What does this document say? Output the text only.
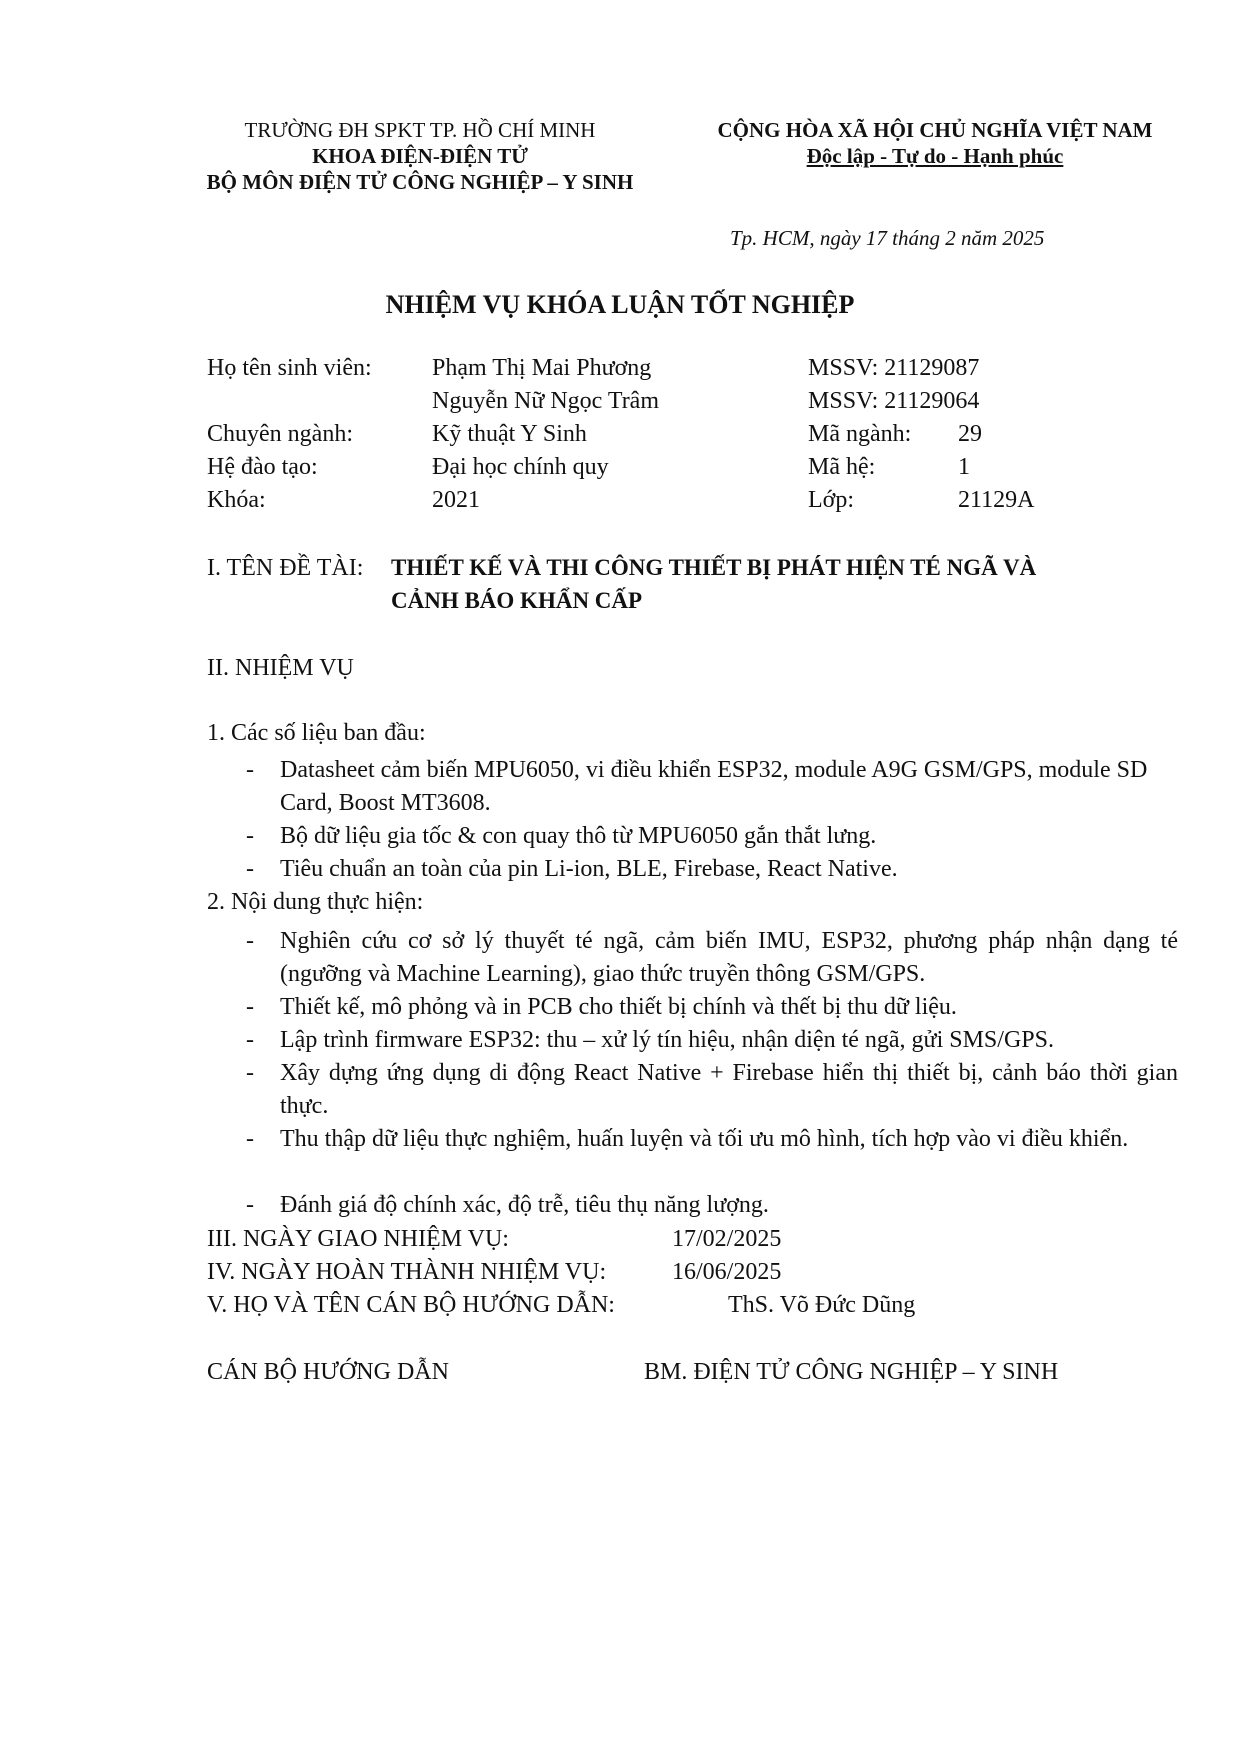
TRƯỜNG ĐH SPKT TP. HỒ CHÍ MINH
KHOA ĐIỆN-ĐIỆN TỬ
BỘ MÔN ĐIỆN TỬ CÔNG NGHIỆP – Y SINH
CỘNG HÒA XÃ HỘI CHỦ NGHĨA VIỆT NAM
Độc lập - Tự do - Hạnh phúc
Tp. HCM, ngày 17 tháng 2 năm 2025
NHIỆM VỤ KHÓA LUẬN TỐT NGHIỆP
Họ tên sinh viên:	Phạm Thị Mai Phương	MSSV: 21129087
Nguyễn Nữ Ngọc Trâm	MSSV: 21129064
Chuyên ngành:	Kỹ thuật Y Sinh	Mã ngành: 29
Hệ đào tạo:	Đại học chính quy	Mã hệ:	1
Khóa:	2021	Lớp:	21129A
I. TÊN ĐỀ TÀI: THIẾT KẾ VÀ THI CÔNG THIẾT BỊ PHÁT HIỆN TÉ NGÃ VÀ
CẢNH BÁO KHẨN CẤP
II. NHIỆM VỤ
1. Các số liệu ban đầu:
- Datasheet cảm biến MPU6050, vi điều khiển ESP32, module A9G GSM/GPS, module SD Card, Boost MT3608.
- Bộ dữ liệu gia tốc & con quay thô từ MPU6050 gắn thắt lưng.
- Tiêu chuẩn an toàn của pin Li-ion, BLE, Firebase, React Native.
2. Nội dung thực hiện:
- Nghiên cứu cơ sở lý thuyết té ngã, cảm biến IMU, ESP32, phương pháp nhận dạng té (ngưỡng và Machine Learning), giao thức truyền thông GSM/GPS.
- Thiết kế, mô phỏng và in PCB cho thiết bị chính và thết bị thu dữ liệu.
- Lập trình firmware ESP32: thu – xử lý tín hiệu, nhận diện té ngã, gửi SMS/GPS.
- Xây dựng ứng dụng di động React Native + Firebase hiển thị thiết bị, cảnh báo thời gian thực.
- Thu thập dữ liệu thực nghiệm, huấn luyện và tối ưu mô hình, tích hợp vào vi điều khiển.
- Đánh giá độ chính xác, độ trễ, tiêu thụ năng lượng.
III. NGÀY GIAO NHIỆM VỤ:	17/02/2025
IV. NGÀY HOÀN THÀNH NHIỆM VỤ:	16/06/2025
V. HỌ VÀ TÊN CÁN BỘ HƯỚNG DẪN:	ThS. Võ Đức Dũng
CÁN BỘ HƯỚNG DẪN	BM. ĐIỆN TỬ CÔNG NGHIỆP – Y SINH
